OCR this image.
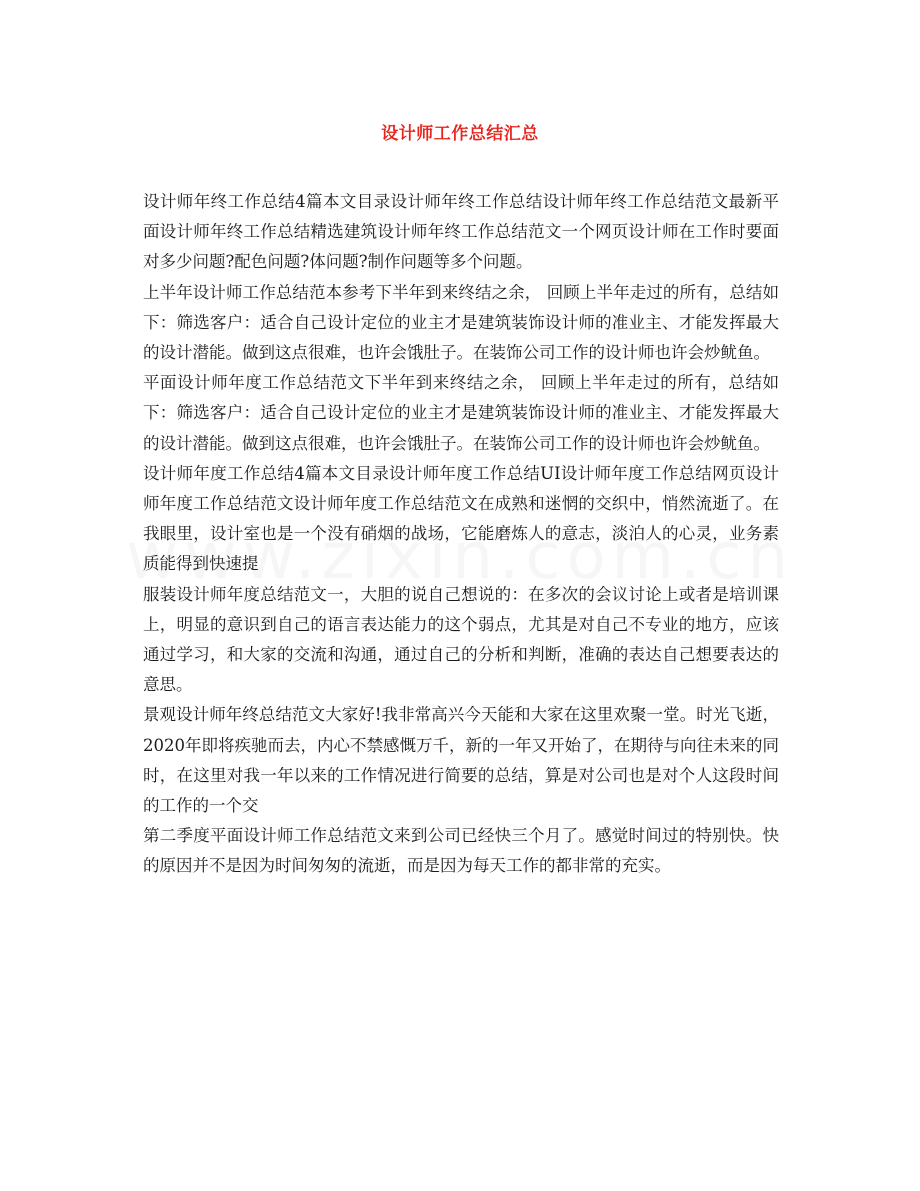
设计师工作总结汇总

设计师年终工作总结4篇本文目录设计师年终工作总结设计师年终工作总结范文最新平面设计师年终工作总结精选建筑设计师年终工作总结范文一个网页设计师在工作时要面对多少问题?配色问题?体问题?制作问题等多个问题。

上半年设计师工作总结范本参考下半年到来终结之余， 回顾上半年走过的所有，总结如下：筛选客户：适合自己设计定位的业主才是建筑装饰设计师的准业主、才能发挥最大的设计潜能。做到这点很难，也许会饿肚子。在装饰公司工作的设计师也许会炒鱿鱼。

平面设计师年度工作总结范文下半年到来终结之余， 回顾上半年走过的所有，总结如下：筛选客户：适合自己设计定位的业主才是建筑装饰设计师的准业主、才能发挥最大的设计潜能。做到这点很难，也许会饿肚子。在装饰公司工作的设计师也许会炒鱿鱼。

设计师年度工作总结4篇本文目录设计师年度工作总结UI设计师年度工作总结网页设计师年度工作总结范文设计师年度工作总结范文在成熟和迷惘的交织中，悄然流逝了。在我眼里，设计室也是一个没有硝烟的战场，它能磨炼人的意志，淡泊人的心灵，业务素质能得到快速提

服装设计师年度总结范文一，大胆的说自己想说的：在多次的会议讨论上或者是培训课上，明显的意识到自己的语言表达能力的这个弱点，尤其是对自己不专业的地方，应该通过学习，和大家的交流和沟通，通过自己的分析和判断，准确的表达自己想要表达的意思。

景观设计师年终总结范文大家好!我非常高兴今天能和大家在这里欢聚一堂。时光飞逝，2020年即将疾驰而去，内心不禁感慨万千，新的一年又开始了，在期待与向往未来的同时，在这里对我一年以来的工作情况进行简要的总结，算是对公司也是对个人这段时间的工作的一个交

第二季度平面设计师工作总结范文来到公司已经快三个月了。感觉时间过的特别快。快的原因并不是因为时间匆匆的流逝，而是因为每天工作的都非常的充实。
